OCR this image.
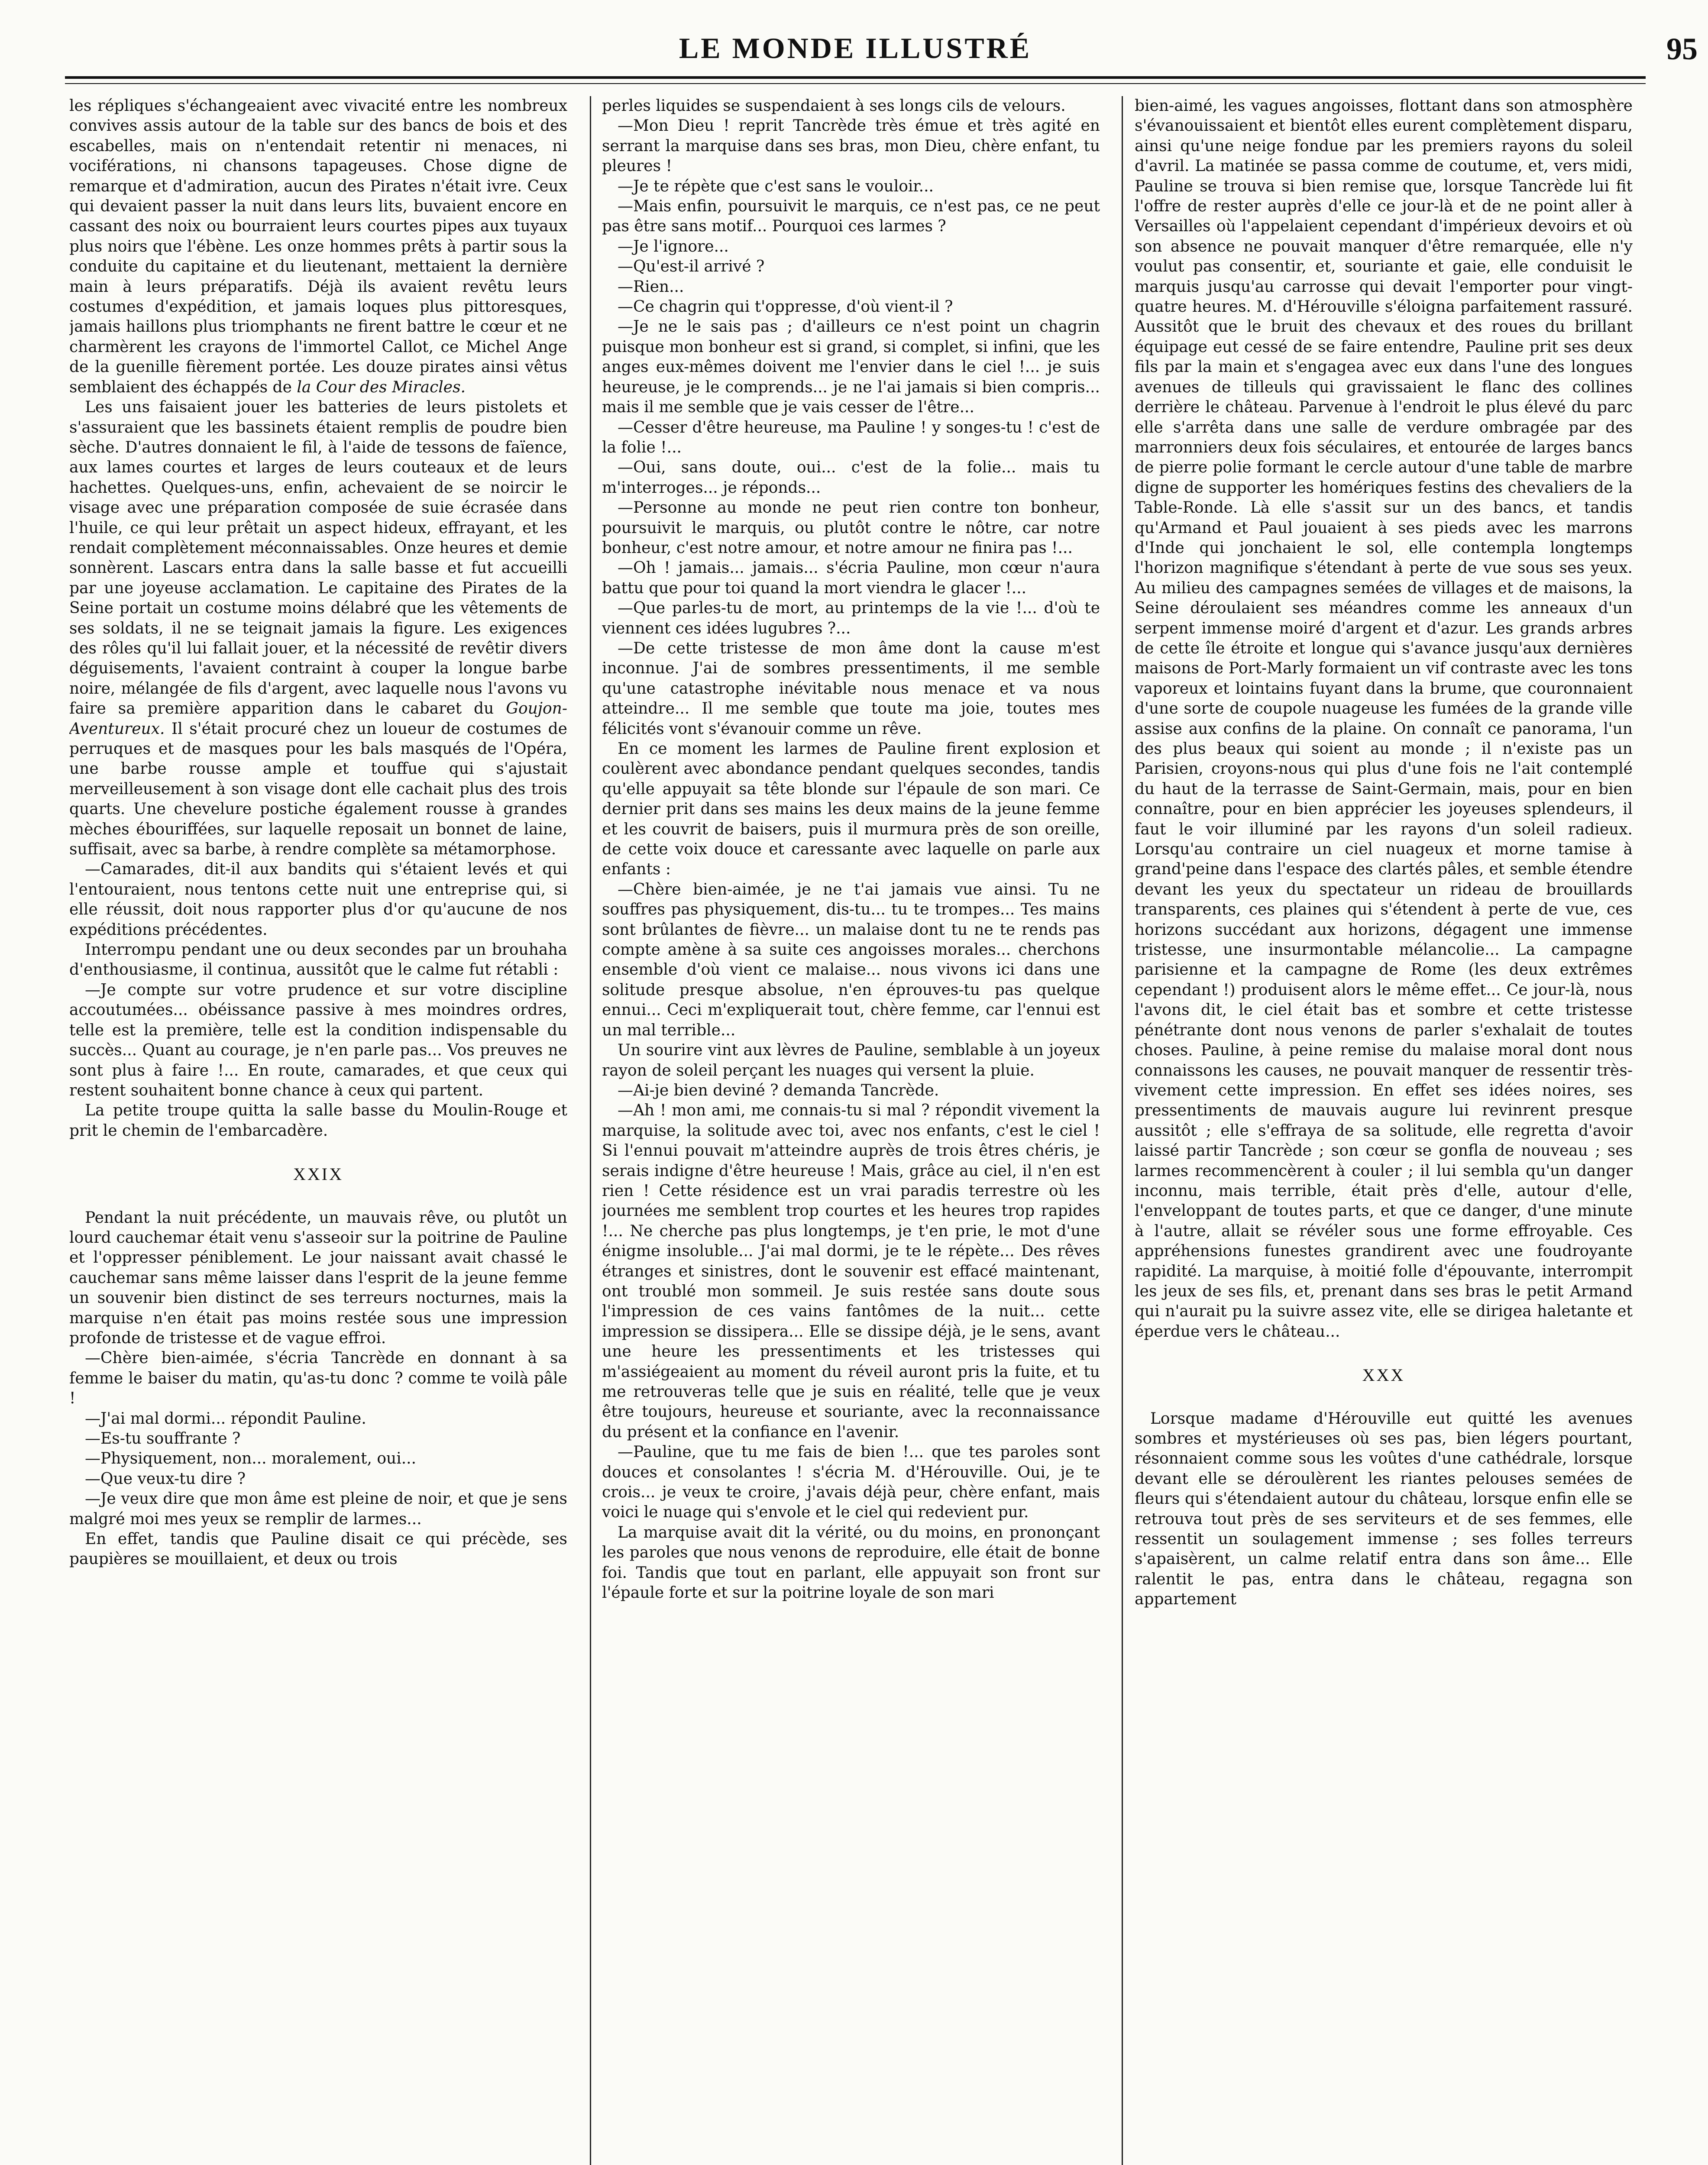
LE MONDE ILLUSTRÉ	95

les répliques s'échangeaient avec vivacité entre les nombreux convives assis autour de la table sur des bancs de bois et des escabelles, mais on n'entendait retentir ni menaces, ni vociférations, ni chansons tapageuses. Chose digne de remarque et d'admiration, aucun des Pirates n'était ivre. Ceux qui devaient passer la nuit dans leurs lits, buvaient encore en cassant des noix ou bourraient leurs courtes pipes aux tuyaux plus noirs que l'ébène. Les onze hommes prêts à partir sous la conduite du capitaine et du lieutenant, mettaient la dernière main à leurs préparatifs. Déjà ils avaient revêtu leurs costumes d'expédition, et jamais loques plus pittoresques, jamais haillons plus triomphants ne firent battre le cœur et ne charmèrent les crayons de l'immortel Callot, ce Michel Ange de la guenille fièrement portée. Les douze pirates ainsi vêtus semblaient des échappés de la Cour des Miracles.

Les uns faisaient jouer les batteries de leurs pistolets et s'assuraient que les bassinets étaient remplis de poudre bien sèche. D'autres donnaient le fil, à l'aide de tessons de faïence, aux lames courtes et larges de leurs couteaux et de leurs hachettes. Quelques-uns, enfin, achevaient de se noircir le visage avec une préparation composée de suie écrasée dans l'huile, ce qui leur prêtait un aspect hideux, effrayant, et les rendait complètement méconnaissables. Onze heures et demie sonnèrent. Lascars entra dans la salle basse et fut accueilli par une joyeuse acclamation. Le capitaine des Pirates de la Seine portait un costume moins délabré que les vêtements de ses soldats, il ne se teignait jamais la figure. Les exigences des rôles qu'il lui fallait jouer, et la nécessité de revêtir divers déguisements, l'avaient contraint à couper la longue barbe noire, mélangée de fils d'argent, avec laquelle nous l'avons vu faire sa première apparition dans le cabaret du Goujon-Aventureux. Il s'était procuré chez un loueur de costumes de perruques et de masques pour les bals masqués de l'Opéra, une barbe rousse ample et touffue qui s'ajustait merveilleusement à son visage dont elle cachait plus des trois quarts. Une chevelure postiche également rousse à grandes mèches ébouriffées, sur laquelle reposait un bonnet de laine, suffisait, avec sa barbe, à rendre complète sa métamorphose.

—Camarades, dit-il aux bandits qui s'étaient levés et qui l'entouraient, nous tentons cette nuit une entreprise qui, si elle réussit, doit nous rapporter plus d'or qu'aucune de nos expéditions précédentes.

Interrompu pendant une ou deux secondes par un brouhaha d'enthousiasme, il continua, aussitôt que le calme fut rétabli :

—Je compte sur votre prudence et sur votre discipline accoutumées... obéissance passive à mes moindres ordres, telle est la première, telle est la condition indispensable du succès... Quant au courage, je n'en parle pas... Vos preuves ne sont plus à faire !... En route, camarades, et que ceux qui restent souhaitent bonne chance à ceux qui partent.

La petite troupe quitta la salle basse du Moulin-Rouge et prit le chemin de l'embarcadère.

XXIX

Pendant la nuit précédente, un mauvais rêve, ou plutôt un lourd cauchemar était venu s'asseoir sur la poitrine de Pauline et l'oppresser péniblement. Le jour naissant avait chassé le cauchemar sans même laisser dans l'esprit de la jeune femme un souvenir bien distinct de ses terreurs nocturnes, mais la marquise n'en était pas moins restée sous une impression profonde de tristesse et de vague effroi.

—Chère bien-aimée, s'écria Tancrède en donnant à sa femme le baiser du matin, qu'as-tu donc ? comme te voilà pâle !

—J'ai mal dormi... répondit Pauline.

—Es-tu souffrante ?

—Physiquement, non... moralement, oui...

—Que veux-tu dire ?

—Je veux dire que mon âme est pleine de noir, et que je sens malgré moi mes yeux se remplir de larmes...

En effet, tandis que Pauline disait ce qui précède, ses paupières se mouillaient, et deux ou trois

perles liquides se suspendaient à ses longs cils de velours.

—Mon Dieu ! reprit Tancrède très émue et très agité en serrant la marquise dans ses bras, mon Dieu, chère enfant, tu pleures !

—Je te répète que c'est sans le vouloir...

—Mais enfin, poursuivit le marquis, ce n'est pas, ce ne peut pas être sans motif... Pourquoi ces larmes ?

—Je l'ignore...

—Qu'est-il arrivé ?

—Rien...

—Ce chagrin qui t'oppresse, d'où vient-il ?

—Je ne le sais pas ; d'ailleurs ce n'est point un chagrin puisque mon bonheur est si grand, si complet, si infini, que les anges eux-mêmes doivent me l'envier dans le ciel !... je suis heureuse, je le comprends... je ne l'ai jamais si bien compris... mais il me semble que je vais cesser de l'être...

—Cesser d'être heureuse, ma Pauline ! y songes-tu ! c'est de la folie !...

—Oui, sans doute, oui... c'est de la folie... mais tu m'interroges... je réponds...

—Personne au monde ne peut rien contre ton bonheur, poursuivit le marquis, ou plutôt contre le nôtre, car notre bonheur, c'est notre amour, et notre amour ne finira pas !...

—Oh ! jamais... jamais... s'écria Pauline, mon cœur n'aura battu que pour toi quand la mort viendra le glacer !...

—Que parles-tu de mort, au printemps de la vie !... d'où te viennent ces idées lugubres ?...

—De cette tristesse de mon âme dont la cause m'est inconnue. J'ai de sombres pressentiments, il me semble qu'une catastrophe inévitable nous menace et va nous atteindre... Il me semble que toute ma joie, toutes mes félicités vont s'évanouir comme un rêve.

En ce moment les larmes de Pauline firent explosion et coulèrent avec abondance pendant quelques secondes, tandis qu'elle appuyait sa tête blonde sur l'épaule de son mari. Ce dernier prit dans ses mains les deux mains de la jeune femme et les couvrit de baisers, puis il murmura près de son oreille, de cette voix douce et caressante avec laquelle on parle aux enfants :

—Chère bien-aimée, je ne t'ai jamais vue ainsi. Tu ne souffres pas physiquement, dis-tu... tu te trompes... Tes mains sont brûlantes de fièvre... un malaise dont tu ne te rends pas compte amène à sa suite ces angoisses morales... cherchons ensemble d'où vient ce malaise... nous vivons ici dans une solitude presque absolue, n'en éprouves-tu pas quelque ennui... Ceci m'expliquerait tout, chère femme, car l'ennui est un mal terrible...

Un sourire vint aux lèvres de Pauline, semblable à un joyeux rayon de soleil perçant les nuages qui versent la pluie.

—Ai-je bien deviné ? demanda Tancrède.

—Ah ! mon ami, me connais-tu si mal ? répondit vivement la marquise, la solitude avec toi, avec nos enfants, c'est le ciel ! Si l'ennui pouvait m'atteindre auprès de trois êtres chéris, je serais indigne d'être heureuse ! Mais, grâce au ciel, il n'en est rien ! Cette résidence est un vrai paradis terrestre où les journées me semblent trop courtes et les heures trop rapides !... Ne cherche pas plus longtemps, je t'en prie, le mot d'une énigme insoluble... J'ai mal dormi, je te le répète... Des rêves étranges et sinistres, dont le souvenir est effacé maintenant, ont troublé mon sommeil. Je suis restée sans doute sous l'impression de ces vains fantômes de la nuit... cette impression se dissipera... Elle se dissipe déjà, je le sens, avant une heure les pressentiments et les tristesses qui m'assiégeaient au moment du réveil auront pris la fuite, et tu me retrouveras telle que je suis en réalité, telle que je veux être toujours, heureuse et souriante, avec la reconnaissance du présent et la confiance en l'avenir.

—Pauline, que tu me fais de bien !... que tes paroles sont douces et consolantes ! s'écria M. d'Hérouville. Oui, je te crois... je veux te croire, j'avais déjà peur, chère enfant, mais voici le nuage qui s'envole et le ciel qui redevient pur.

La marquise avait dit la vérité, ou du moins, en prononçant les paroles que nous venons de reproduire, elle était de bonne foi. Tandis que tout en parlant, elle appuyait son front sur l'épaule forte et sur la poitrine loyale de son mari

bien-aimé, les vagues angoisses, flottant dans son atmosphère s'évanouissaient et bientôt elles eurent complètement disparu, ainsi qu'une neige fondue par les premiers rayons du soleil d'avril. La matinée se passa comme de coutume, et, vers midi, Pauline se trouva si bien remise que, lorsque Tancrède lui fit l'offre de rester auprès d'elle ce jour-là et de ne point aller à Versailles où l'appelaient cependant d'impérieux devoirs et où son absence ne pouvait manquer d'être remarquée, elle n'y voulut pas consentir, et, souriante et gaie, elle conduisit le marquis jusqu'au carrosse qui devait l'emporter pour vingt-quatre heures. M. d'Hérouville s'éloigna parfaitement rassuré. Aussitôt que le bruit des chevaux et des roues du brillant équipage eut cessé de se faire entendre, Pauline prit ses deux fils par la main et s'engagea avec eux dans l'une des longues avenues de tilleuls qui gravissaient le flanc des collines derrière le château. Parvenue à l'endroit le plus élevé du parc elle s'arrêta dans une salle de verdure ombragée par des marronniers deux fois séculaires, et entourée de larges bancs de pierre polie formant le cercle autour d'une table de marbre digne de supporter les homériques festins des chevaliers de la Table-Ronde. Là elle s'assit sur un des bancs, et tandis qu'Armand et Paul jouaient à ses pieds avec les marrons d'Inde qui jonchaient le sol, elle contempla longtemps l'horizon magnifique s'étendant à perte de vue sous ses yeux. Au milieu des campagnes semées de villages et de maisons, la Seine déroulaient ses méandres comme les anneaux d'un serpent immense moiré d'argent et d'azur. Les grands arbres de cette île étroite et longue qui s'avance jusqu'aux dernières maisons de Port-Marly formaient un vif contraste avec les tons vaporeux et lointains fuyant dans la brume, que couronnaient d'une sorte de coupole nuageuse les fumées de la grande ville assise aux confins de la plaine. On connaît ce panorama, l'un des plus beaux qui soient au monde ; il n'existe pas un Parisien, croyons-nous qui plus d'une fois ne l'ait contemplé du haut de la terrasse de Saint-Germain, mais, pour en bien connaître, pour en bien apprécier les joyeuses splendeurs, il faut le voir illuminé par les rayons d'un soleil radieux. Lorsqu'au contraire un ciel nuageux et morne tamise à grand'peine dans l'espace des clartés pâles, et semble étendre devant les yeux du spectateur un rideau de brouillards transparents, ces plaines qui s'étendent à perte de vue, ces horizons succédant aux horizons, dégagent une immense tristesse, une insurmontable mélancolie... La campagne parisienne et la campagne de Rome (les deux extrêmes cependant !) produisent alors le même effet... Ce jour-là, nous l'avons dit, le ciel était bas et sombre et cette tristesse pénétrante dont nous venons de parler s'exhalait de toutes choses. Pauline, à peine remise du malaise moral dont nous connaissons les causes, ne pouvait manquer de ressentir très-vivement cette impression. En effet ses idées noires, ses pressentiments de mauvais augure lui revinrent presque aussitôt ; elle s'effraya de sa solitude, elle regretta d'avoir laissé partir Tancrède ; son cœur se gonfla de nouveau ; ses larmes recommencèrent à couler ; il lui sembla qu'un danger inconnu, mais terrible, était près d'elle, autour d'elle, l'enveloppant de toutes parts, et que ce danger, d'une minute à l'autre, allait se révéler sous une forme effroyable. Ces appréhensions funestes grandirent avec une foudroyante rapidité. La marquise, à moitié folle d'épouvante, interrompit les jeux de ses fils, et, prenant dans ses bras le petit Armand qui n'aurait pu la suivre assez vite, elle se dirigea haletante et éperdue vers le château...

XXX

Lorsque madame d'Hérouville eut quitté les avenues sombres et mystérieuses où ses pas, bien légers pourtant, résonnaient comme sous les voûtes d'une cathédrale, lorsque devant elle se déroulèrent les riantes pelouses semées de fleurs qui s'étendaient autour du château, lorsque enfin elle se retrouva tout près de ses serviteurs et de ses femmes, elle ressentit un soulagement immense ; ses folles terreurs s'apaisèrent, un calme relatif entra dans son âme... Elle ralentit le pas, entra dans le château, regagna son appartement
